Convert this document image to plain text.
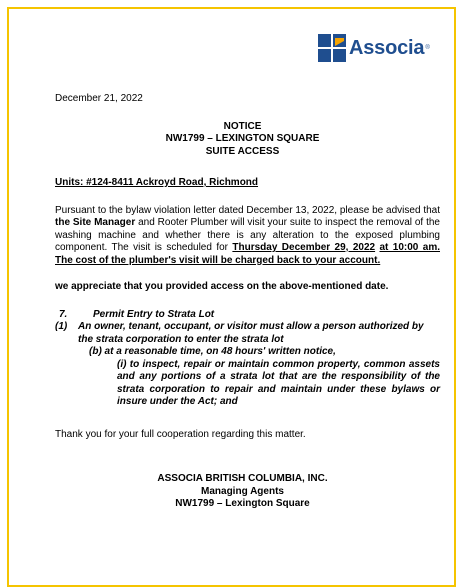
Associa ®
December 21, 2022
NOTICE
NW1799 – LEXINGTON SQUARE
SUITE ACCESS
Units: #124-8411 Ackroyd Road, Richmond
Pursuant to the bylaw violation letter dated December 13, 2022, please be advised that the Site Manager and Rooter Plumber will visit your suite to inspect the removal of the washing machine and whether there is any alteration to the exposed plumbing component. The visit is scheduled for Thursday December 29, 2022 at 10:00 am. The cost of the plumber's visit will be charged back to your account.
we appreciate that you provided access on the above-mentioned date.
7.	Permit Entry to Strata Lot
(1)	An owner, tenant, occupant, or visitor must allow a person authorized by the strata corporation to enter the strata lot
(b) at a reasonable time, on 48 hours' written notice,
(i) to inspect, repair or maintain common property, common assets and any portions of a strata lot that are the responsibility of the strata corporation to repair and maintain under these bylaws or insure under the Act; and
Thank you for your full cooperation regarding this matter.
ASSOCIA BRITISH COLUMBIA, INC.
Managing Agents
NW1799 – Lexington Square
